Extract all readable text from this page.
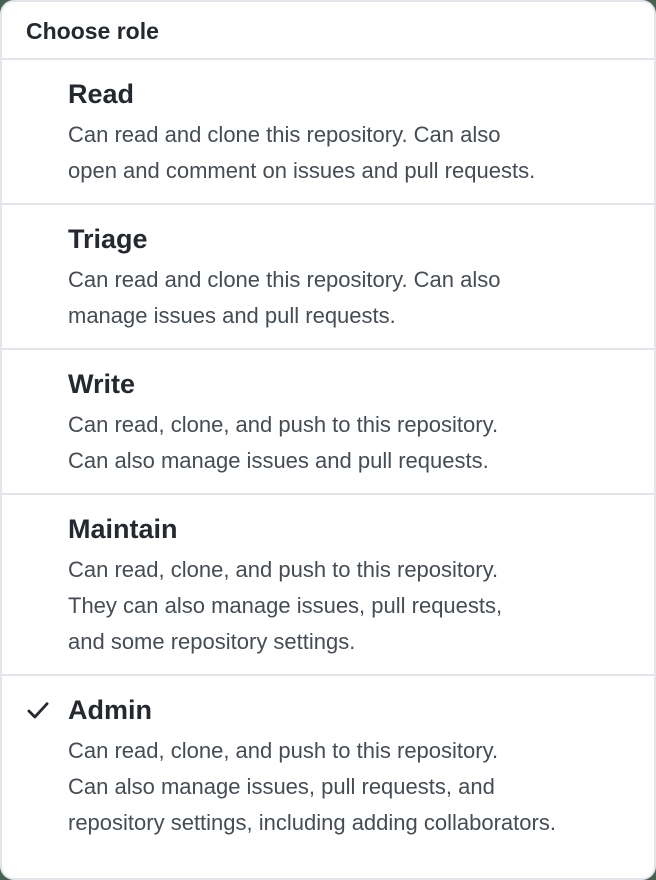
Choose role
Read
Can read and clone this repository. Can also
open and comment on issues and pull requests.
Triage
Can read and clone this repository. Can also
manage issues and pull requests.
Write
Can read, clone, and push to this repository.
Can also manage issues and pull requests.
Maintain
Can read, clone, and push to this repository.
They can also manage issues, pull requests,
and some repository settings.
Admin
Can read, clone, and push to this repository.
Can also manage issues, pull requests, and
repository settings, including adding collaborators.
